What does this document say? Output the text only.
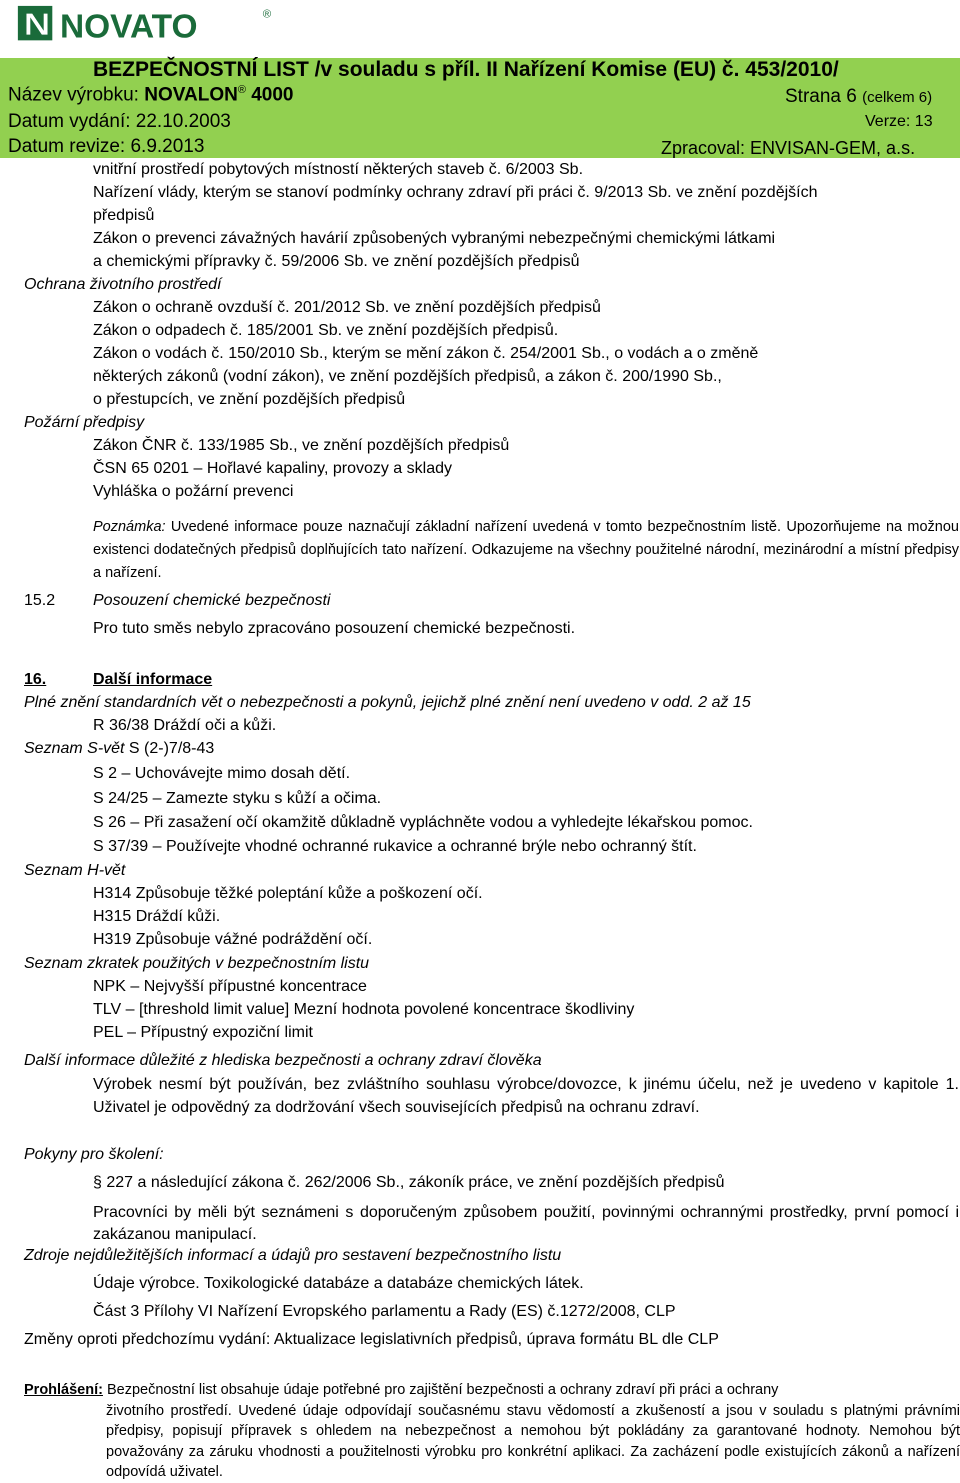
NOVATO	®
BEZPEČNOSTNÍ LIST /v souladu s příl. II Nařízení Komise (EU) č. 453/2010/
Název výrobku: NOVALON® 4000	Strana 6 (celkem 6)
Datum vydání: 22.10.2003	Verze: 13
Datum revize: 6.9.2013	Zpracoval: ENVISAN-GEM, a.s.
vnitřní prostředí pobytových místností některých staveb č. 6/2003 Sb.
Nařízení vlády, kterým se stanoví podmínky ochrany zdraví při práci č. 9/2013 Sb. ve znění pozdějších
předpisů
Zákon o prevenci závažných havárií způsobených vybranými nebezpečnými chemickými látkami
a chemickými přípravky č. 59/2006 Sb. ve znění pozdějších předpisů
Ochrana životního prostředí
Zákon o ochraně ovzduší č. 201/2012 Sb. ve znění pozdějších předpisů
Zákon o odpadech č. 185/2001 Sb. ve znění pozdějších předpisů.
Zákon o vodách č. 150/2010 Sb., kterým se mění zákon č. 254/2001 Sb., o vodách a o změně
některých zákonů (vodní zákon), ve znění pozdějších předpisů, a zákon č. 200/1990 Sb.,
o přestupcích, ve znění pozdějších předpisů
Požární předpisy
Zákon ČNR č. 133/1985 Sb., ve znění pozdějších předpisů
ČSN 65 0201 – Hořlavé kapaliny, provozy a sklady
Vyhláška o požární prevenci
Poznámka: Uvedené informace pouze naznačují základní nařízení uvedená v tomto bezpečnostním listě. Upozorňujeme na možnou existenci dodatečných předpisů doplňujících tato nařízení. Odkazujeme na všechny použitelné národní, mezinárodní a místní předpisy a nařízení.
15.2 Posouzení chemické bezpečnosti
Pro tuto směs nebylo zpracováno posouzení chemické bezpečnosti.
16.	Další informace
Plné znění standardních vět o nebezpečnosti a pokynů, jejichž plné znění není uvedeno v odd. 2 až 15
R 36/38 Dráždí oči a kůži.
Seznam S-vět S (2-)7/8-43
S 2 – Uchovávejte mimo dosah dětí.
S 24/25 – Zamezte styku s kůží a očima.
S 26 – Při zasažení očí okamžitě důkladně vypláchněte vodou a vyhledejte lékařskou pomoc.
S 37/39 – Používejte vhodné ochranné rukavice a ochranné brýle nebo ochranný štít.
Seznam H-vět
H314 Způsobuje těžké poleptání kůže a poškození očí.
H315 Dráždí kůži.
H319 Způsobuje vážné podráždění očí.
Seznam zkratek použitých v bezpečnostním listu
NPK – Nejvyšší přípustné koncentrace
TLV – [threshold limit value] Mezní hodnota povolené koncentrace škodliviny
PEL – Přípustný expoziční limit
Další informace důležité z hlediska bezpečnosti a ochrany zdraví člověka
Výrobek nesmí být používán, bez zvláštního souhlasu výrobce/dovozce, k jinému účelu, než je uvedeno v kapitole 1. Uživatel je odpovědný za dodržování všech souvisejících předpisů na ochranu zdraví.
Pokyny pro školení:
§ 227 a následující zákona č. 262/2006 Sb., zákoník práce, ve znění pozdějších předpisů
Pracovníci by měli být seznámeni s doporučeným způsobem použití, povinnými ochrannými prostředky, první pomocí i zakázanou manipulací.
Zdroje nejdůležitějších informací a údajů pro sestavení bezpečnostního listu
Údaje výrobce. Toxikologické databáze a databáze chemických látek.
Část 3 Přílohy VI Nařízení Evropského parlamentu a Rady (ES) č.1272/2008, CLP
Změny oproti předchozímu vydání: Aktualizace legislativních předpisů, úprava formátu BL dle CLP
Prohlášení: Bezpečnostní list obsahuje údaje potřebné pro zajištění bezpečnosti a ochrany zdraví při práci a ochrany
životního prostředí. Uvedené údaje odpovídají současnému stavu vědomostí a zkušeností a jsou v souladu s platnými právními předpisy, popisují přípravek s ohledem na nebezpečnost a nemohou být pokládány za garantované hodnoty. Nemohou být považovány za záruku vhodnosti a použitelnosti výrobku pro konkrétní aplikaci. Za zacházení podle existujících zákonů a nařízení odpovídá uživatel.
